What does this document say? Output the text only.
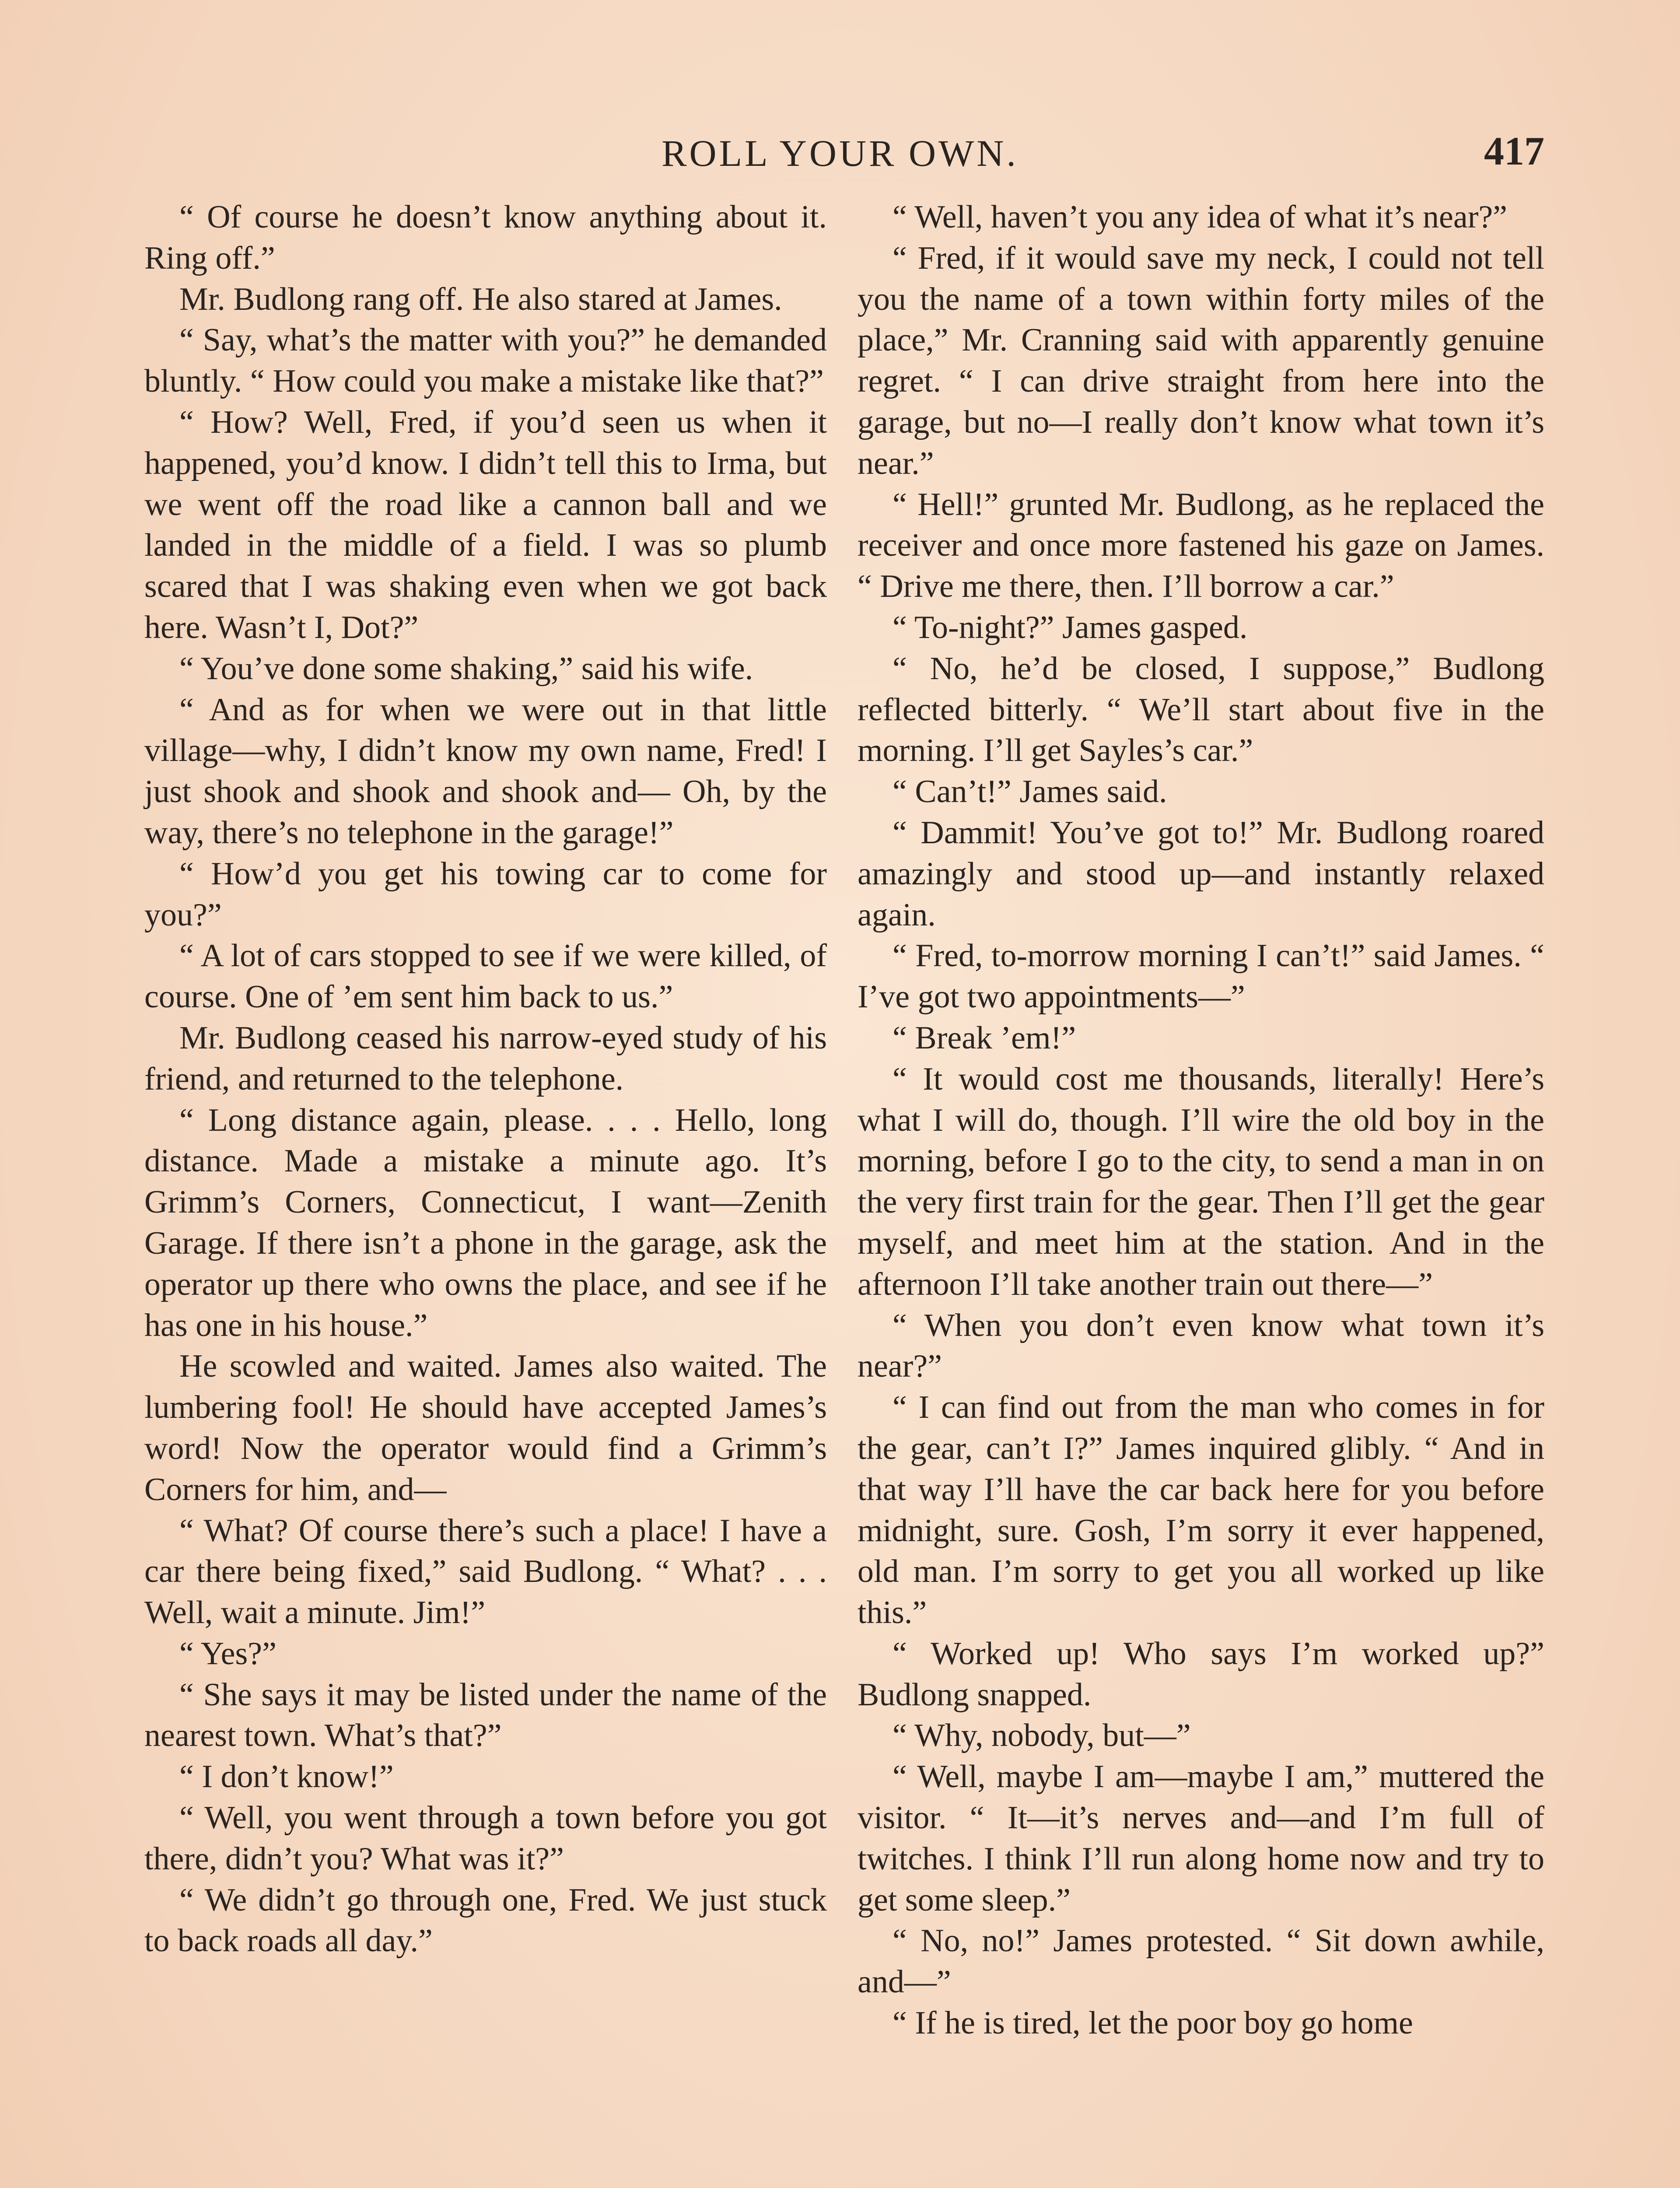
ROLL YOUR OWN.	417

“ Of course he doesn’t know anything about it. Ring off.”

Mr. Budlong rang off. He also stared at James.

“ Say, what’s the matter with you?” he demanded bluntly. “ How could you make a mistake like that?”

“ How? Well, Fred, if you’d seen us when it happened, you’d know. I didn’t tell this to Irma, but we went off the road like a cannon ball and we landed in the middle of a field. I was so plumb scared that I was shaking even when we got back here. Wasn’t I, Dot?”

“ You’ve done some shaking,” said his wife.

“ And as for when we were out in that little village—why, I didn’t know my own name, Fred! I just shook and shook and shook and— Oh, by the way, there’s no telephone in the garage!”

“ How’d you get his towing car to come for you?”

“ A lot of cars stopped to see if we were killed, of course. One of ’em sent him back to us.”

Mr. Budlong ceased his narrow-eyed study of his friend, and returned to the telephone.

“ Long distance again, please. . . . Hello, long distance. Made a mistake a minute ago. It’s Grimm’s Corners, Connecticut, I want—Zenith Garage. If there isn’t a phone in the garage, ask the operator up there who owns the place, and see if he has one in his house.”

He scowled and waited. James also waited. The lumbering fool! He should have accepted James’s word! Now the operator would find a Grimm’s Corners for him, and—

“ What? Of course there’s such a place! I have a car there being fixed,” said Budlong. “ What? . . . Well, wait a minute. Jim!”

“ Yes?”

“ She says it may be listed under the name of the nearest town. What’s that?”

“ I don’t know!”

“ Well, you went through a town before you got there, didn’t you? What was it?”

“ We didn’t go through one, Fred. We just stuck to back roads all day.”

“ Well, haven’t you any idea of what it’s near?”

“ Fred, if it would save my neck, I could not tell you the name of a town within forty miles of the place,” Mr. Cranning said with apparently genuine regret. “ I can drive straight from here into the garage, but no—I really don’t know what town it’s near.”

“ Hell!” grunted Mr. Budlong, as he replaced the receiver and once more fastened his gaze on James. “ Drive me there, then. I’ll borrow a car.”

“ To-night?” James gasped.

“ No, he’d be closed, I suppose,” Budlong reflected bitterly. “ We’ll start about five in the morning. I’ll get Sayles’s car.”

“ Can’t!” James said.

“ Dammit! You’ve got to!” Mr. Budlong roared amazingly and stood up—and instantly relaxed again.

“ Fred, to-morrow morning I can’t!” said James. “ I’ve got two appointments—”

“ Break ’em!”

“ It would cost me thousands, literally! Here’s what I will do, though. I’ll wire the old boy in the morning, before I go to the city, to send a man in on the very first train for the gear. Then I’ll get the gear myself, and meet him at the station. And in the afternoon I’ll take another train out there—”

“ When you don’t even know what town it’s near?”

“ I can find out from the man who comes in for the gear, can’t I?” James inquired glibly. “ And in that way I’ll have the car back here for you before midnight, sure. Gosh, I’m sorry it ever happened, old man. I’m sorry to get you all worked up like this.”

“ Worked up! Who says I’m worked up?” Budlong snapped.

“ Why, nobody, but—”

“ Well, maybe I am—maybe I am,” muttered the visitor. “ It—it’s nerves and—and I’m full of twitches. I think I’ll run along home now and try to get some sleep.”

“ No, no!” James protested. “ Sit down awhile, and—”

“ If he is tired, let the poor boy go home
